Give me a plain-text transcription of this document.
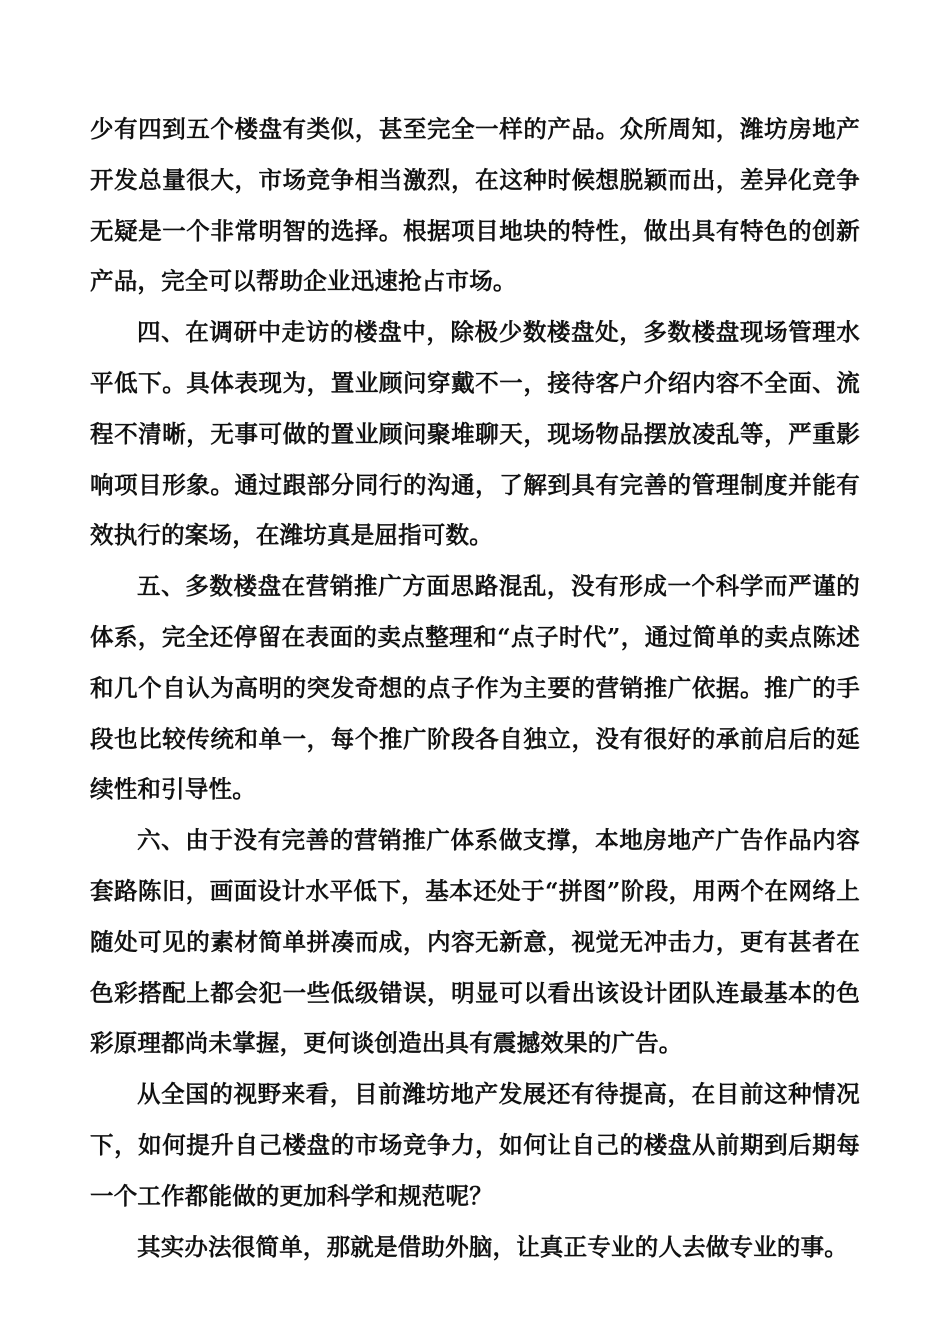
少有四到五个楼盘有类似，甚至完全一样的产品。众所周知，潍坊房地产开发总量很大，市场竞争相当激烈，在这种时候想脱颖而出，差异化竞争无疑是一个非常明智的选择。根据项目地块的特性，做出具有特色的创新产品，完全可以帮助企业迅速抢占市场。

四、在调研中走访的楼盘中，除极少数楼盘处，多数楼盘现场管理水平低下。具体表现为，置业顾问穿戴不一，接待客户介绍内容不全面、流程不清晰，无事可做的置业顾问聚堆聊天，现场物品摆放凌乱等，严重影响项目形象。通过跟部分同行的沟通，了解到具有完善的管理制度并能有效执行的案场，在潍坊真是屈指可数。

五、多数楼盘在营销推广方面思路混乱，没有形成一个科学而严谨的体系，完全还停留在表面的卖点整理和“点子时代”，通过简单的卖点陈述和几个自认为高明的突发奇想的点子作为主要的营销推广依据。推广的手段也比较传统和单一，每个推广阶段各自独立，没有很好的承前启后的延续性和引导性。

六、由于没有完善的营销推广体系做支撑，本地房地产广告作品内容套路陈旧，画面设计水平低下，基本还处于“拼图”阶段，用两个在网络上随处可见的素材简单拼凑而成，内容无新意，视觉无冲击力，更有甚者在色彩搭配上都会犯一些低级错误，明显可以看出该设计团队连最基本的色彩原理都尚未掌握，更何谈创造出具有震撼效果的广告。

从全国的视野来看，目前潍坊地产发展还有待提高，在目前这种情况下，如何提升自己楼盘的市场竞争力，如何让自己的楼盘从前期到后期每一个工作都能做的更加科学和规范呢？

其实办法很简单，那就是借助外脑，让真正专业的人去做专业的事。
